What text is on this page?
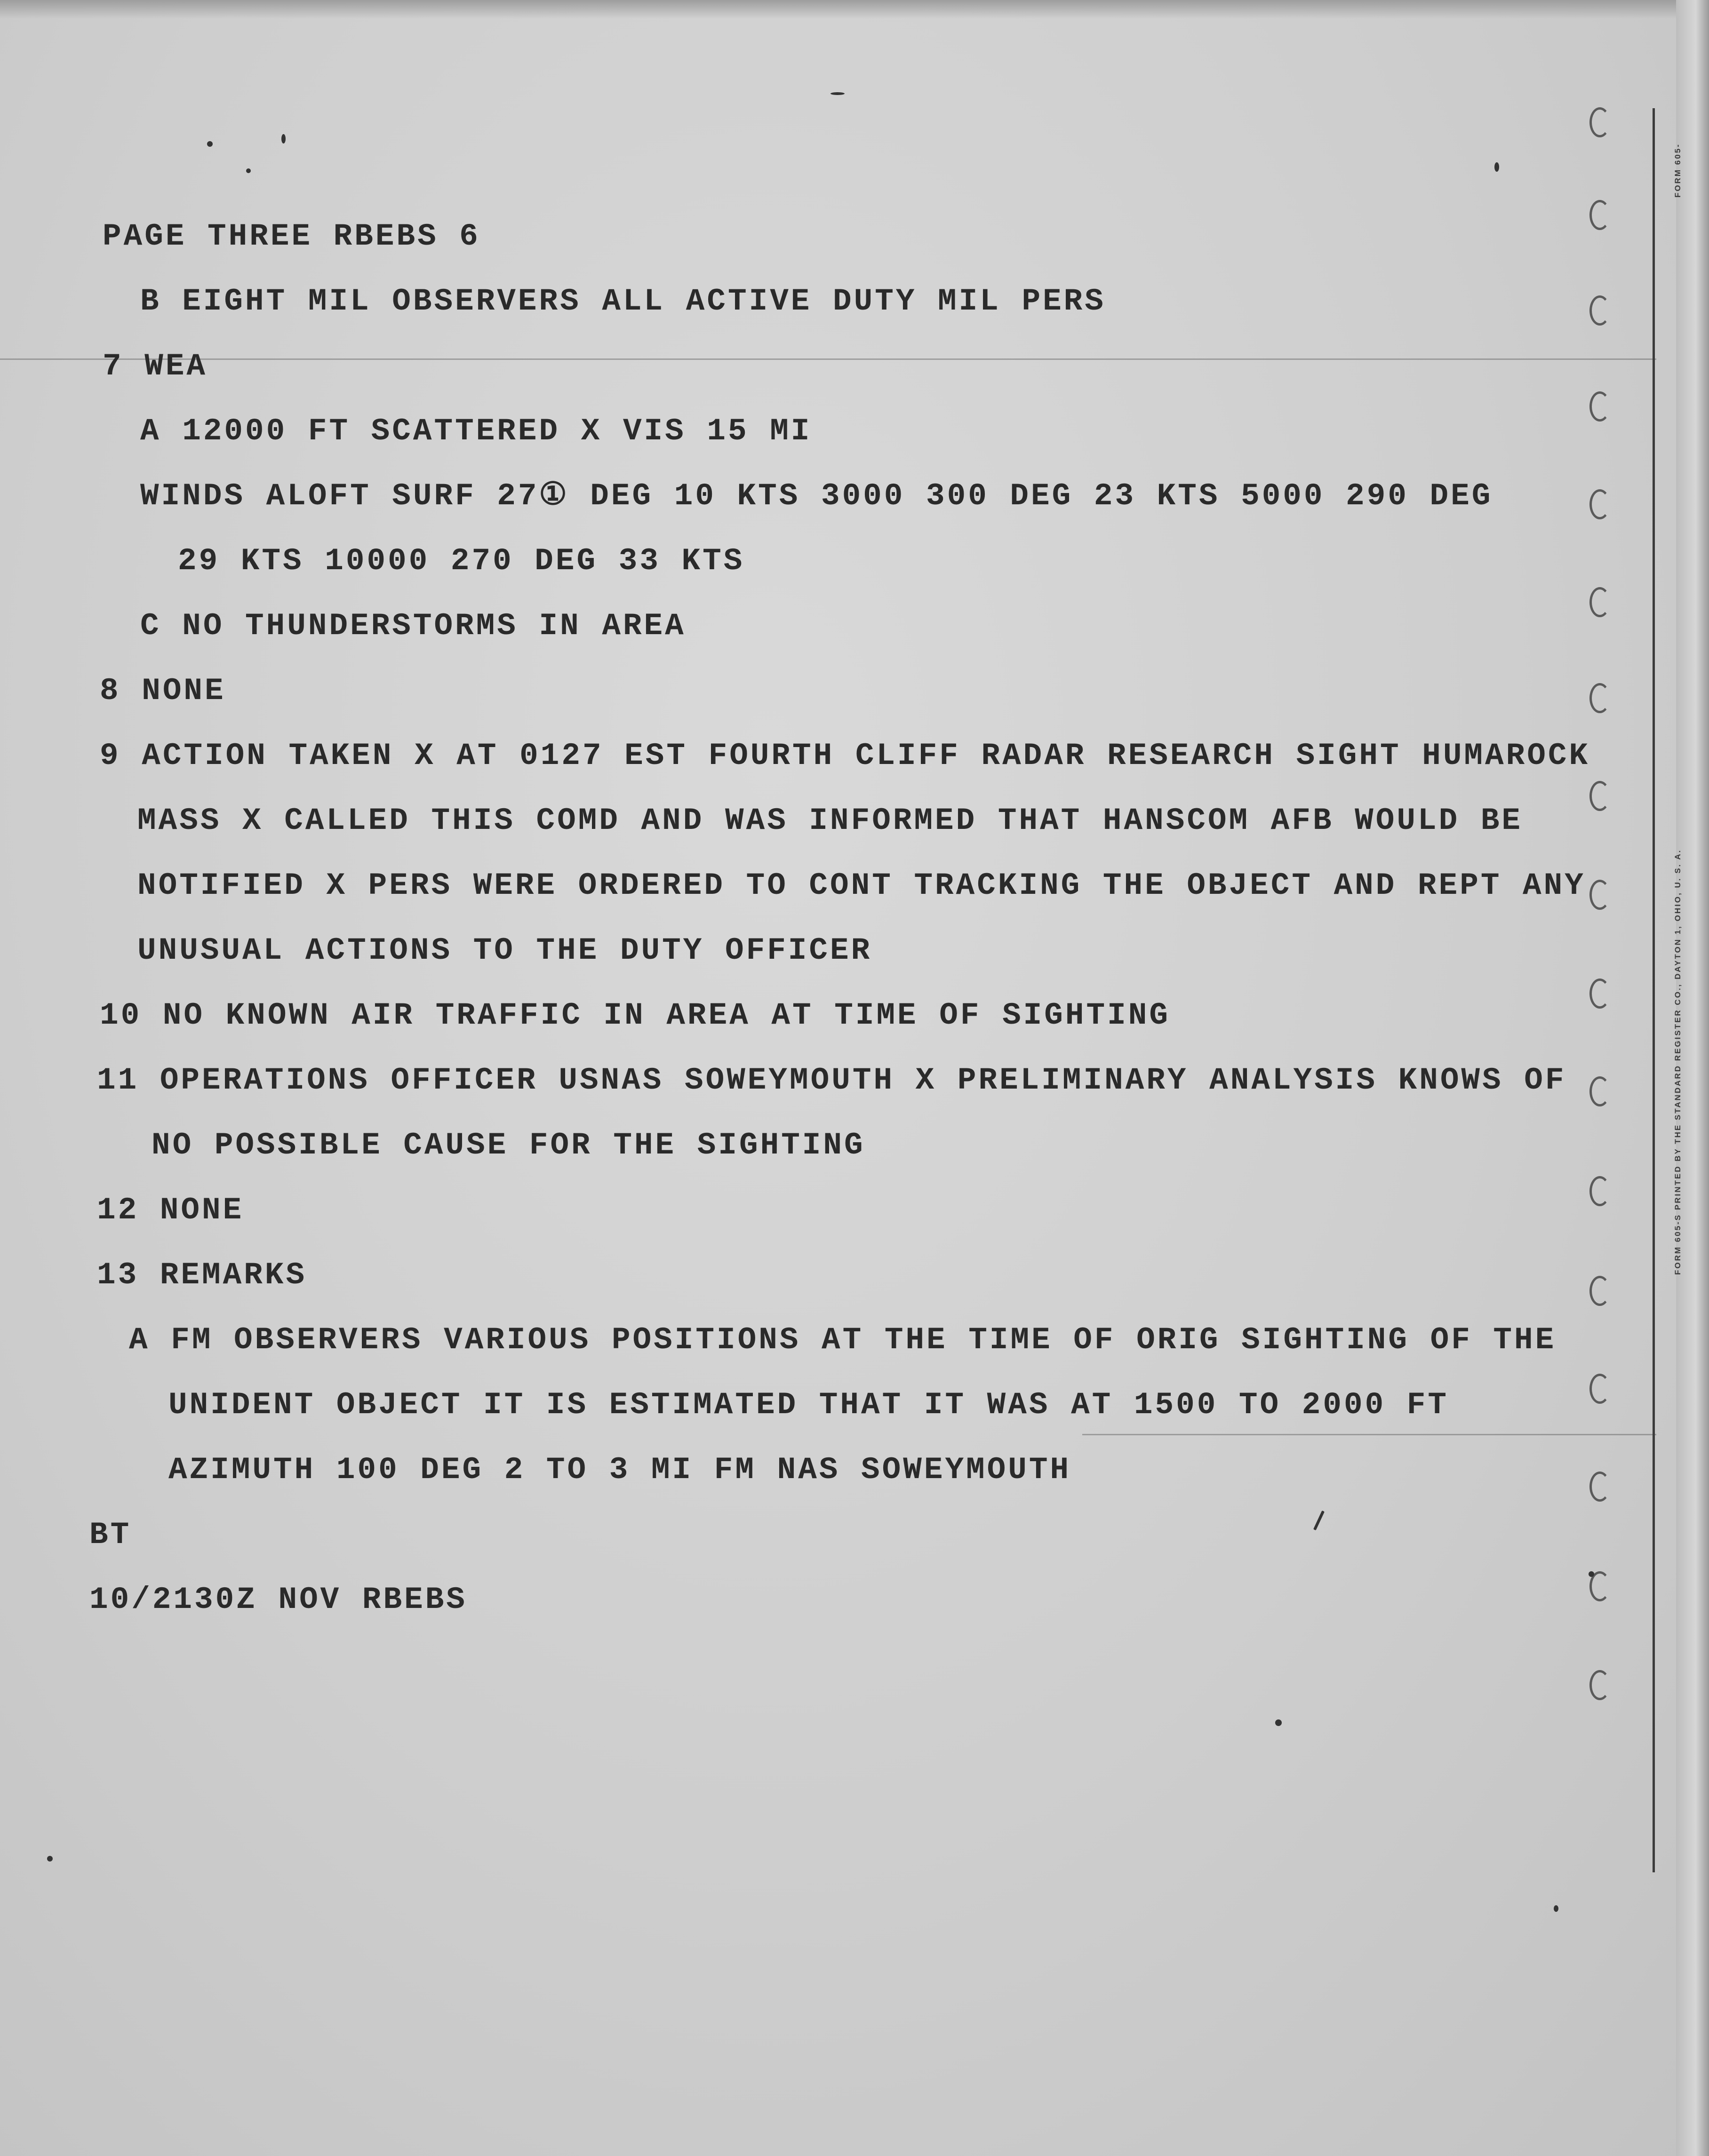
FORM 605-
FORM 605-S PRINTED BY THE STANDARD REGISTER CO., DAYTON 1, OHIO, U. S. A.

PAGE THREE RBEBS 6

B EIGHT MIL OBSERVERS ALL ACTIVE DUTY MIL PERS

7 WEA

A 12000 FT SCATTERED X VIS 15 MI

WINDS ALOFT SURF 27① DEG 10 KTS 3000 300 DEG 23 KTS 5000 290 DEG

29 KTS 10000 270 DEG 33 KTS

C NO THUNDERSTORMS IN AREA

8 NONE

9 ACTION TAKEN X AT 0127 EST FOURTH CLIFF RADAR RESEARCH SIGHT HUMAROCK

MASS X CALLED THIS COMD AND WAS INFORMED THAT HANSCOM AFB WOULD BE

NOTIFIED X PERS WERE ORDERED TO CONT TRACKING THE OBJECT AND REPT ANY

UNUSUAL ACTIONS TO THE DUTY OFFICER

10 NO KNOWN AIR TRAFFIC IN AREA AT TIME OF SIGHTING

11 OPERATIONS OFFICER USNAS SOWEYMOUTH X PRELIMINARY ANALYSIS KNOWS OF

NO POSSIBLE CAUSE FOR THE SIGHTING

12 NONE

13 REMARKS

A FM OBSERVERS VARIOUS POSITIONS AT THE TIME OF ORIG SIGHTING OF THE

UNIDENT OBJECT IT IS ESTIMATED THAT IT WAS AT 1500 TO 2000 FT

AZIMUTH 100 DEG 2 TO 3 MI FM NAS SOWEYMOUTH

BT

10/2130Z NOV RBEBS
